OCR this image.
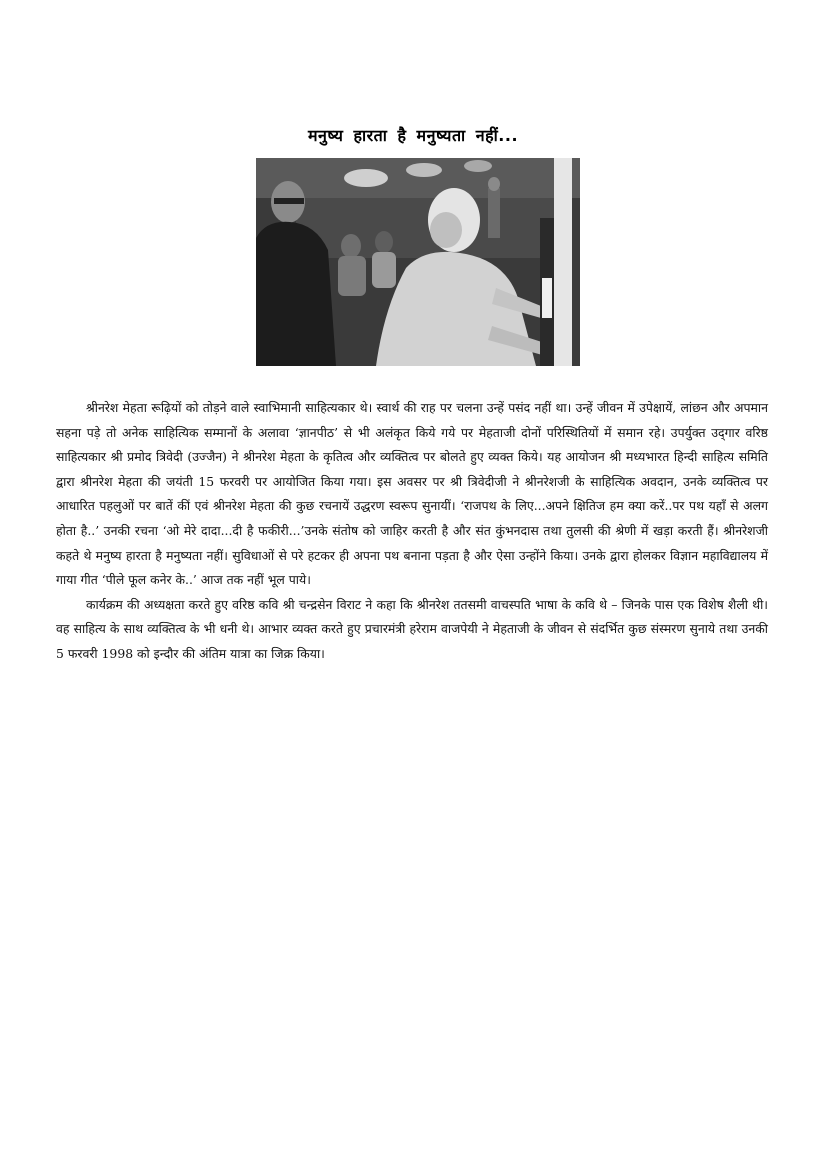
मनुष्य हारता है मनुष्यता नहीं...

श्रीनरेश मेहता रूढ़ियों को तोड़ने वाले स्वाभिमानी साहित्यकार थे। स्वार्थ की राह पर चलना उन्हें पसंद नहीं था। उन्हें जीवन में उपेक्षायें, लांछन और अपमान सहना पड़े तो अनेक साहित्यिक सम्मानों के अलावा ‘ज्ञानपीठ’ से भी अलंकृत किये गये पर मेहताजी दोनों परिस्थितियों में समान रहे। उपर्युक्त उद्‌गार वरिष्ठ साहित्यकार श्री प्रमोद त्रिवेदी (उज्जैन) ने श्रीनरेश मेहता के कृतित्व और व्यक्तित्व पर बोलते हुए व्यक्त किये। यह आयोजन श्री मध्यभारत हिन्दी साहित्य समिति द्वारा श्रीनरेश मेहता की जयंती 15 फरवरी पर आयोजित किया गया। इस अवसर पर श्री त्रिवेदीजी ने श्रीनरेशजी के साहित्यिक अवदान, उनके व्यक्तित्व पर आधारित पहलुओं पर बातें कीं एवं श्रीनरेश मेहता की कुछ रचनायें उद्धरण स्वरूप सुनायीं। ‘राजपथ के लिए...अपने क्षितिज हम क्या करें..पर पथ यहाँ से अलग होता है..’ उनकी रचना ‘ओ मेरे दादा...दी है फकीरी...’उनके संतोष को जाहिर करती है और संत कुंभनदास तथा तुलसी की श्रेणी में खड़ा करती हैं। श्रीनरेशजी कहते थे मनुष्य हारता है मनुष्यता नहीं। सुविधाओं से परे हटकर ही अपना पथ बनाना पड़ता है और ऐसा उन्होंने किया। उनके द्वारा होलकर विज्ञान महाविद्यालय में गाया गीत ‘पीले फूल कनेर के..’ आज तक नहीं भूल पाये।

कार्यक्रम की अध्यक्षता करते हुए वरिष्ठ कवि श्री चन्द्रसेन विराट ने कहा कि श्रीनरेश ततसमी वाचस्पति भाषा के कवि थे – जिनके पास एक विशेष शैली थी। वह साहित्य के साथ व्यक्तित्व के भी धनी थे। आभार व्यक्त करते हुए प्रचारमंत्री हरेराम वाजपेयी ने मेहताजी के जीवन से संदर्भित कुछ संस्मरण सुनाये तथा उनकी 5 फरवरी 1998 को इन्दौर की अंतिम यात्रा का जिक्र किया।
